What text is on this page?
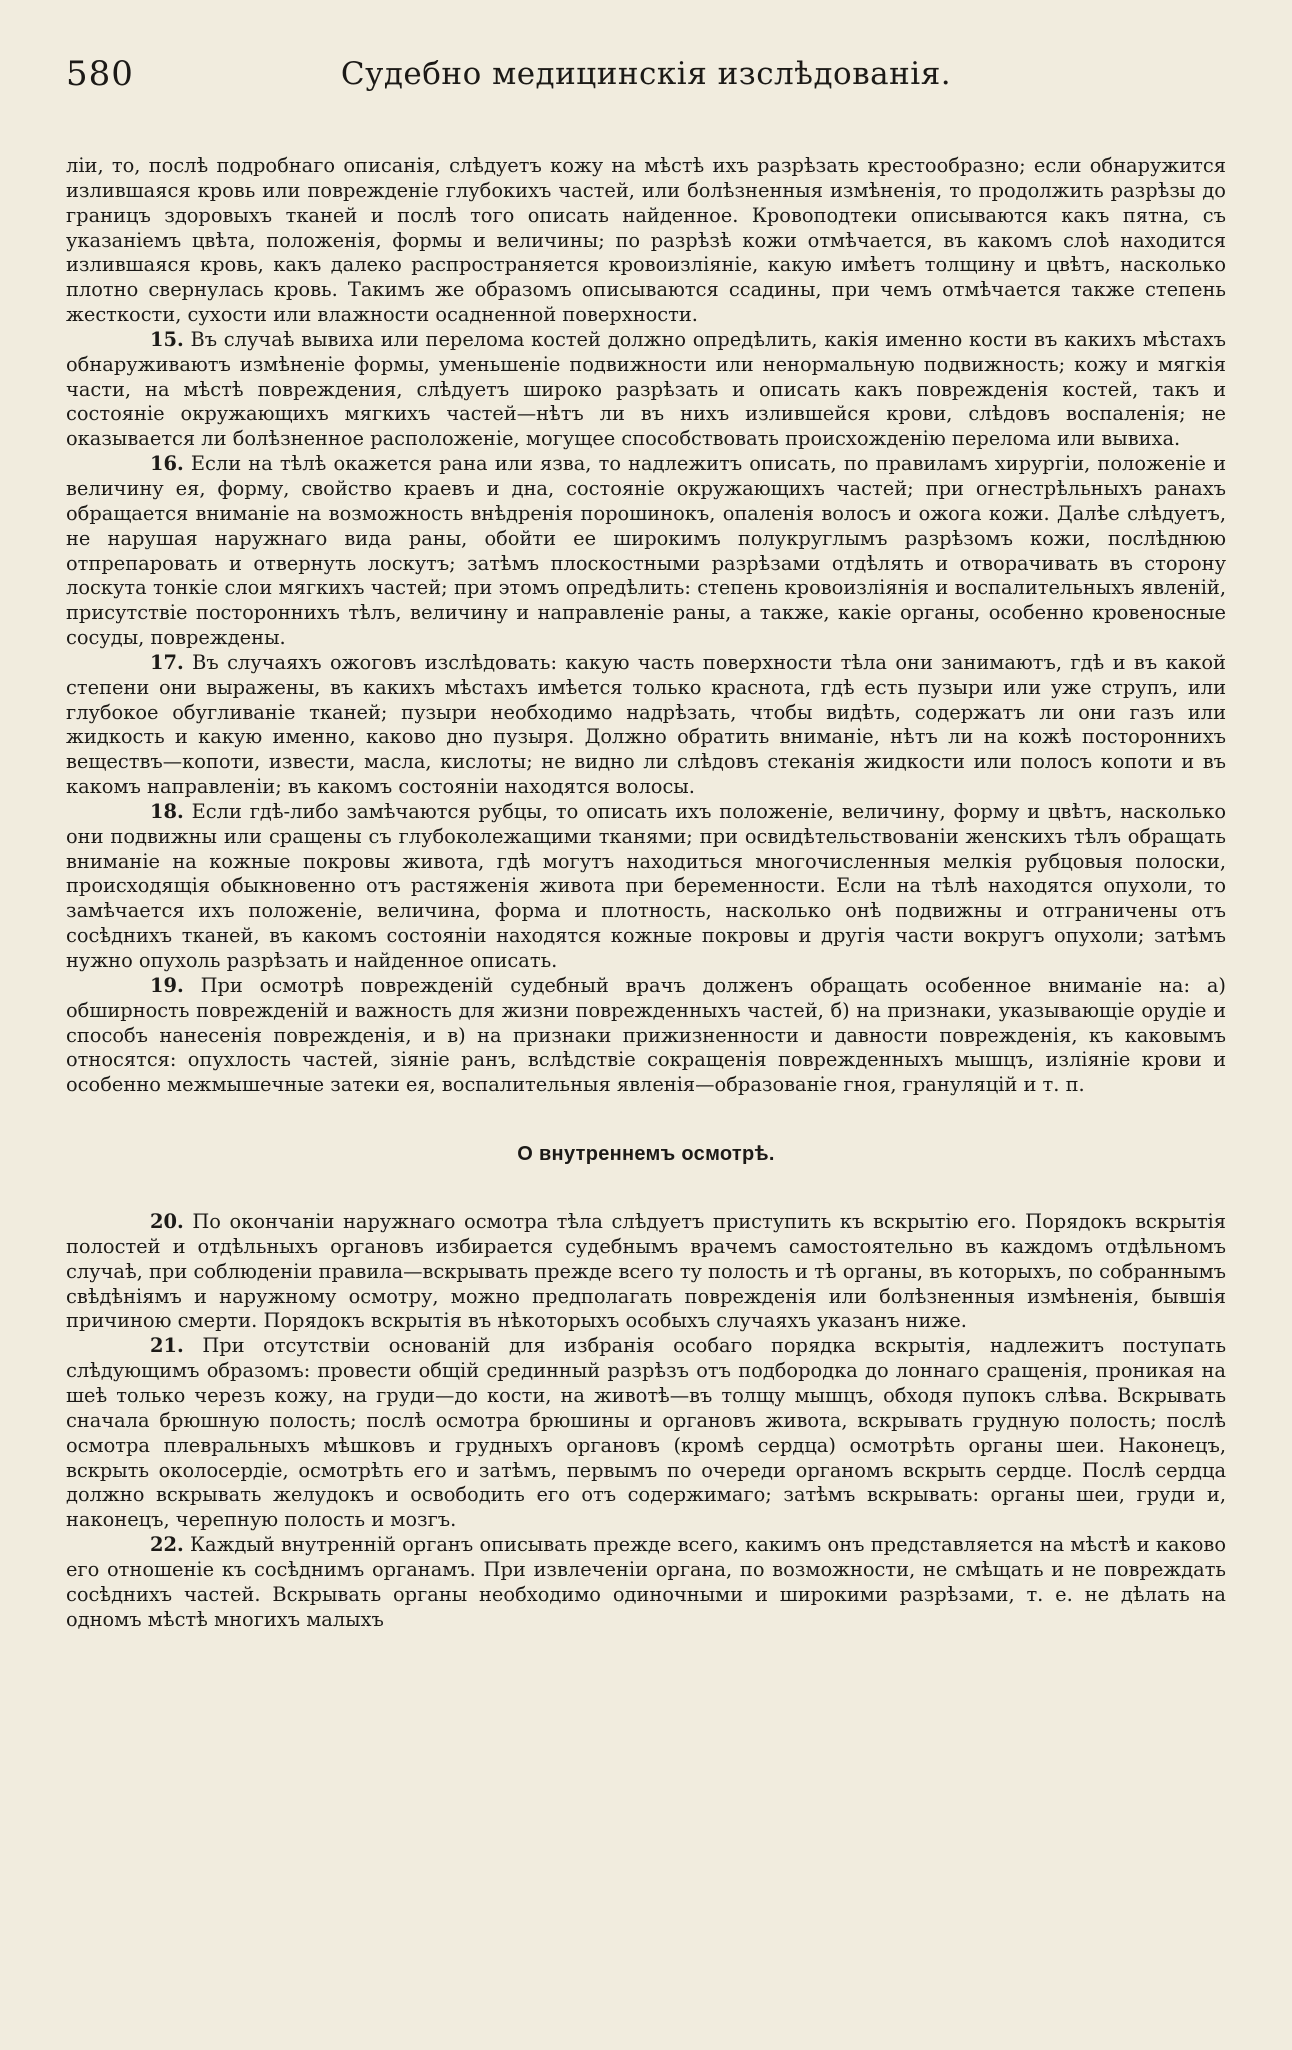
580	Судебно медицинскія изслѣдованія.

ліи, то, послѣ подробнаго описанія, слѣдуетъ кожу на мѣстѣ ихъ разрѣзать крестообразно; если обнаружится излившаяся кровь или поврежденіе глубокихъ частей, или болѣзненныя измѣненія, то продолжить разрѣзы до границъ здоровыхъ тканей и послѣ того описать найденное. Кровоподтеки описываются какъ пятна, съ указаніемъ цвѣта, положенія, формы и величины; по разрѣзѣ кожи отмѣчается, въ какомъ слоѣ находится излившаяся кровь, какъ далеко распространяется кровоизліяніе, какую имѣетъ толщину и цвѣтъ, насколько плотно свернулась кровь. Такимъ же образомъ описываются ссадины, при чемъ отмѣчается также степень жесткости, сухости или влажности осадненной поверхности.

15. Въ случаѣ вывиха или перелома костей должно опредѣлить, какія именно кости въ какихъ мѣстахъ обнаруживаютъ измѣненіе формы, уменьшеніе подвижности или ненормальную подвижность; кожу и мягкія части, на мѣстѣ повреждения, слѣдуетъ широко разрѣзать и описать какъ поврежденія костей, такъ и состояніе окружающихъ мягкихъ частей—нѣтъ ли въ нихъ излившейся крови, слѣдовъ воспаленія; не оказывается ли болѣзненное расположеніе, могущее способствовать происхожденію перелома или вывиха.

16. Если на тѣлѣ окажется рана или язва, то надлежитъ описать, по правиламъ хирургіи, положеніе и величину ея, форму, свойство краевъ и дна, состояніе окружающихъ частей; при огнестрѣльныхъ ранахъ обращается вниманіе на возможность внѣдренія порошинокъ, опаленія волосъ и ожога кожи. Далѣе слѣдуетъ, не нарушая наружнаго вида раны, обойти ее широкимъ полукруглымъ разрѣзомъ кожи, послѣднюю отпрепаровать и отвернуть лоскутъ; затѣмъ плоскостными разрѣзами отдѣлять и отворачивать въ сторону лоскута тонкіе слои мягкихъ частей; при этомъ опредѣлить: степень кровоизліянія и воспалительныхъ явленій, присутствіе постороннихъ тѣлъ, величину и направленіе раны, а также, какіе органы, особенно кровеносные сосуды, повреждены.

17. Въ случаяхъ ожоговъ изслѣдовать: какую часть поверхности тѣла они занимаютъ, гдѣ и въ какой степени они выражены, въ какихъ мѣстахъ имѣется только краснота, гдѣ есть пузыри или уже струпъ, или глубокое обугливаніе тканей; пузыри необходимо надрѣзать, чтобы видѣть, содержатъ ли они газъ или жидкость и какую именно, каково дно пузыря. Должно обратить вниманіе, нѣтъ ли на кожѣ постороннихъ веществъ—копоти, извести, масла, кислоты; не видно ли слѣдовъ стеканія жидкости или полосъ копоти и въ какомъ направленіи; въ какомъ состояніи находятся волосы.

18. Если гдѣ-либо замѣчаются рубцы, то описать ихъ положеніе, величину, форму и цвѣтъ, насколько они подвижны или сращены съ глубоколежащими тканями; при освидѣтельствованіи женскихъ тѣлъ обращать вниманіе на кожные покровы живота, гдѣ могутъ находиться многочисленныя мелкія рубцовыя полоски, происходящія обыкновенно отъ растяженія живота при беременности. Если на тѣлѣ находятся опухоли, то замѣчается ихъ положеніе, величина, форма и плотность, насколько онѣ подвижны и отграничены отъ сосѣднихъ тканей, въ какомъ состояніи находятся кожные покровы и другія части вокругъ опухоли; затѣмъ нужно опухоль разрѣзать и найденное описать.

19. При осмотрѣ поврежденій судебный врачъ долженъ обращать особенное вниманіе на: а) обширность поврежденій и важность для жизни поврежденныхъ частей, б) на признаки, указывающіе орудіе и способъ нанесенія поврежденія, и в) на признаки прижизненности и давности поврежденія, къ каковымъ относятся: опухлость частей, зіяніе ранъ, вслѣдствіе сокращенія поврежденныхъ мышцъ, изліяніе крови и особенно межмышечные затеки ея, воспалительныя явленія—образованіе гноя, грануляцій и т. п.

О внутреннемъ осмотрѣ.

20. По окончаніи наружнаго осмотра тѣла слѣдуетъ приступить къ вскрытію его. Порядокъ вскрытія полостей и отдѣльныхъ органовъ избирается судебнымъ врачемъ самостоятельно въ каждомъ отдѣльномъ случаѣ, при соблюденіи правила—вскрывать прежде всего ту полость и тѣ органы, въ которыхъ, по собраннымъ свѣдѣніямъ и наружному осмотру, можно предполагать поврежденія или болѣзненныя измѣненія, бывшія причиною смерти. Порядокъ вскрытія въ нѣкоторыхъ особыхъ случаяхъ указанъ ниже.

21. При отсутствіи основаній для избранія особаго порядка вскрытія, надлежитъ поступать слѣдующимъ образомъ: провести общій срединный разрѣзъ отъ подбородка до лоннаго сращенія, проникая на шеѣ только черезъ кожу, на груди—до кости, на животѣ—въ толщу мышцъ, обходя пупокъ слѣва. Вскрывать сначала брюшную полость; послѣ осмотра брюшины и органовъ живота, вскрывать грудную полость; послѣ осмотра плевральныхъ мѣшковъ и грудныхъ органовъ (кромѣ сердца) осмотрѣть органы шеи. Наконецъ, вскрыть околосердіе, осмотрѣть его и затѣмъ, первымъ по очереди органомъ вскрыть сердце. Послѣ сердца должно вскрывать желудокъ и освободить его отъ содержимаго; затѣмъ вскрывать: органы шеи, груди и, наконецъ, черепную полость и мозгъ.

22. Каждый внутренній органъ описывать прежде всего, какимъ онъ представляется на мѣстѣ и каково его отношеніе къ сосѣднимъ органамъ. При извлеченіи органа, по возможности, не смѣщать и не повреждать сосѣднихъ частей. Вскрывать органы необходимо одиночными и широкими разрѣзами, т. е. не дѣлать на одномъ мѣстѣ многихъ малыхъ
